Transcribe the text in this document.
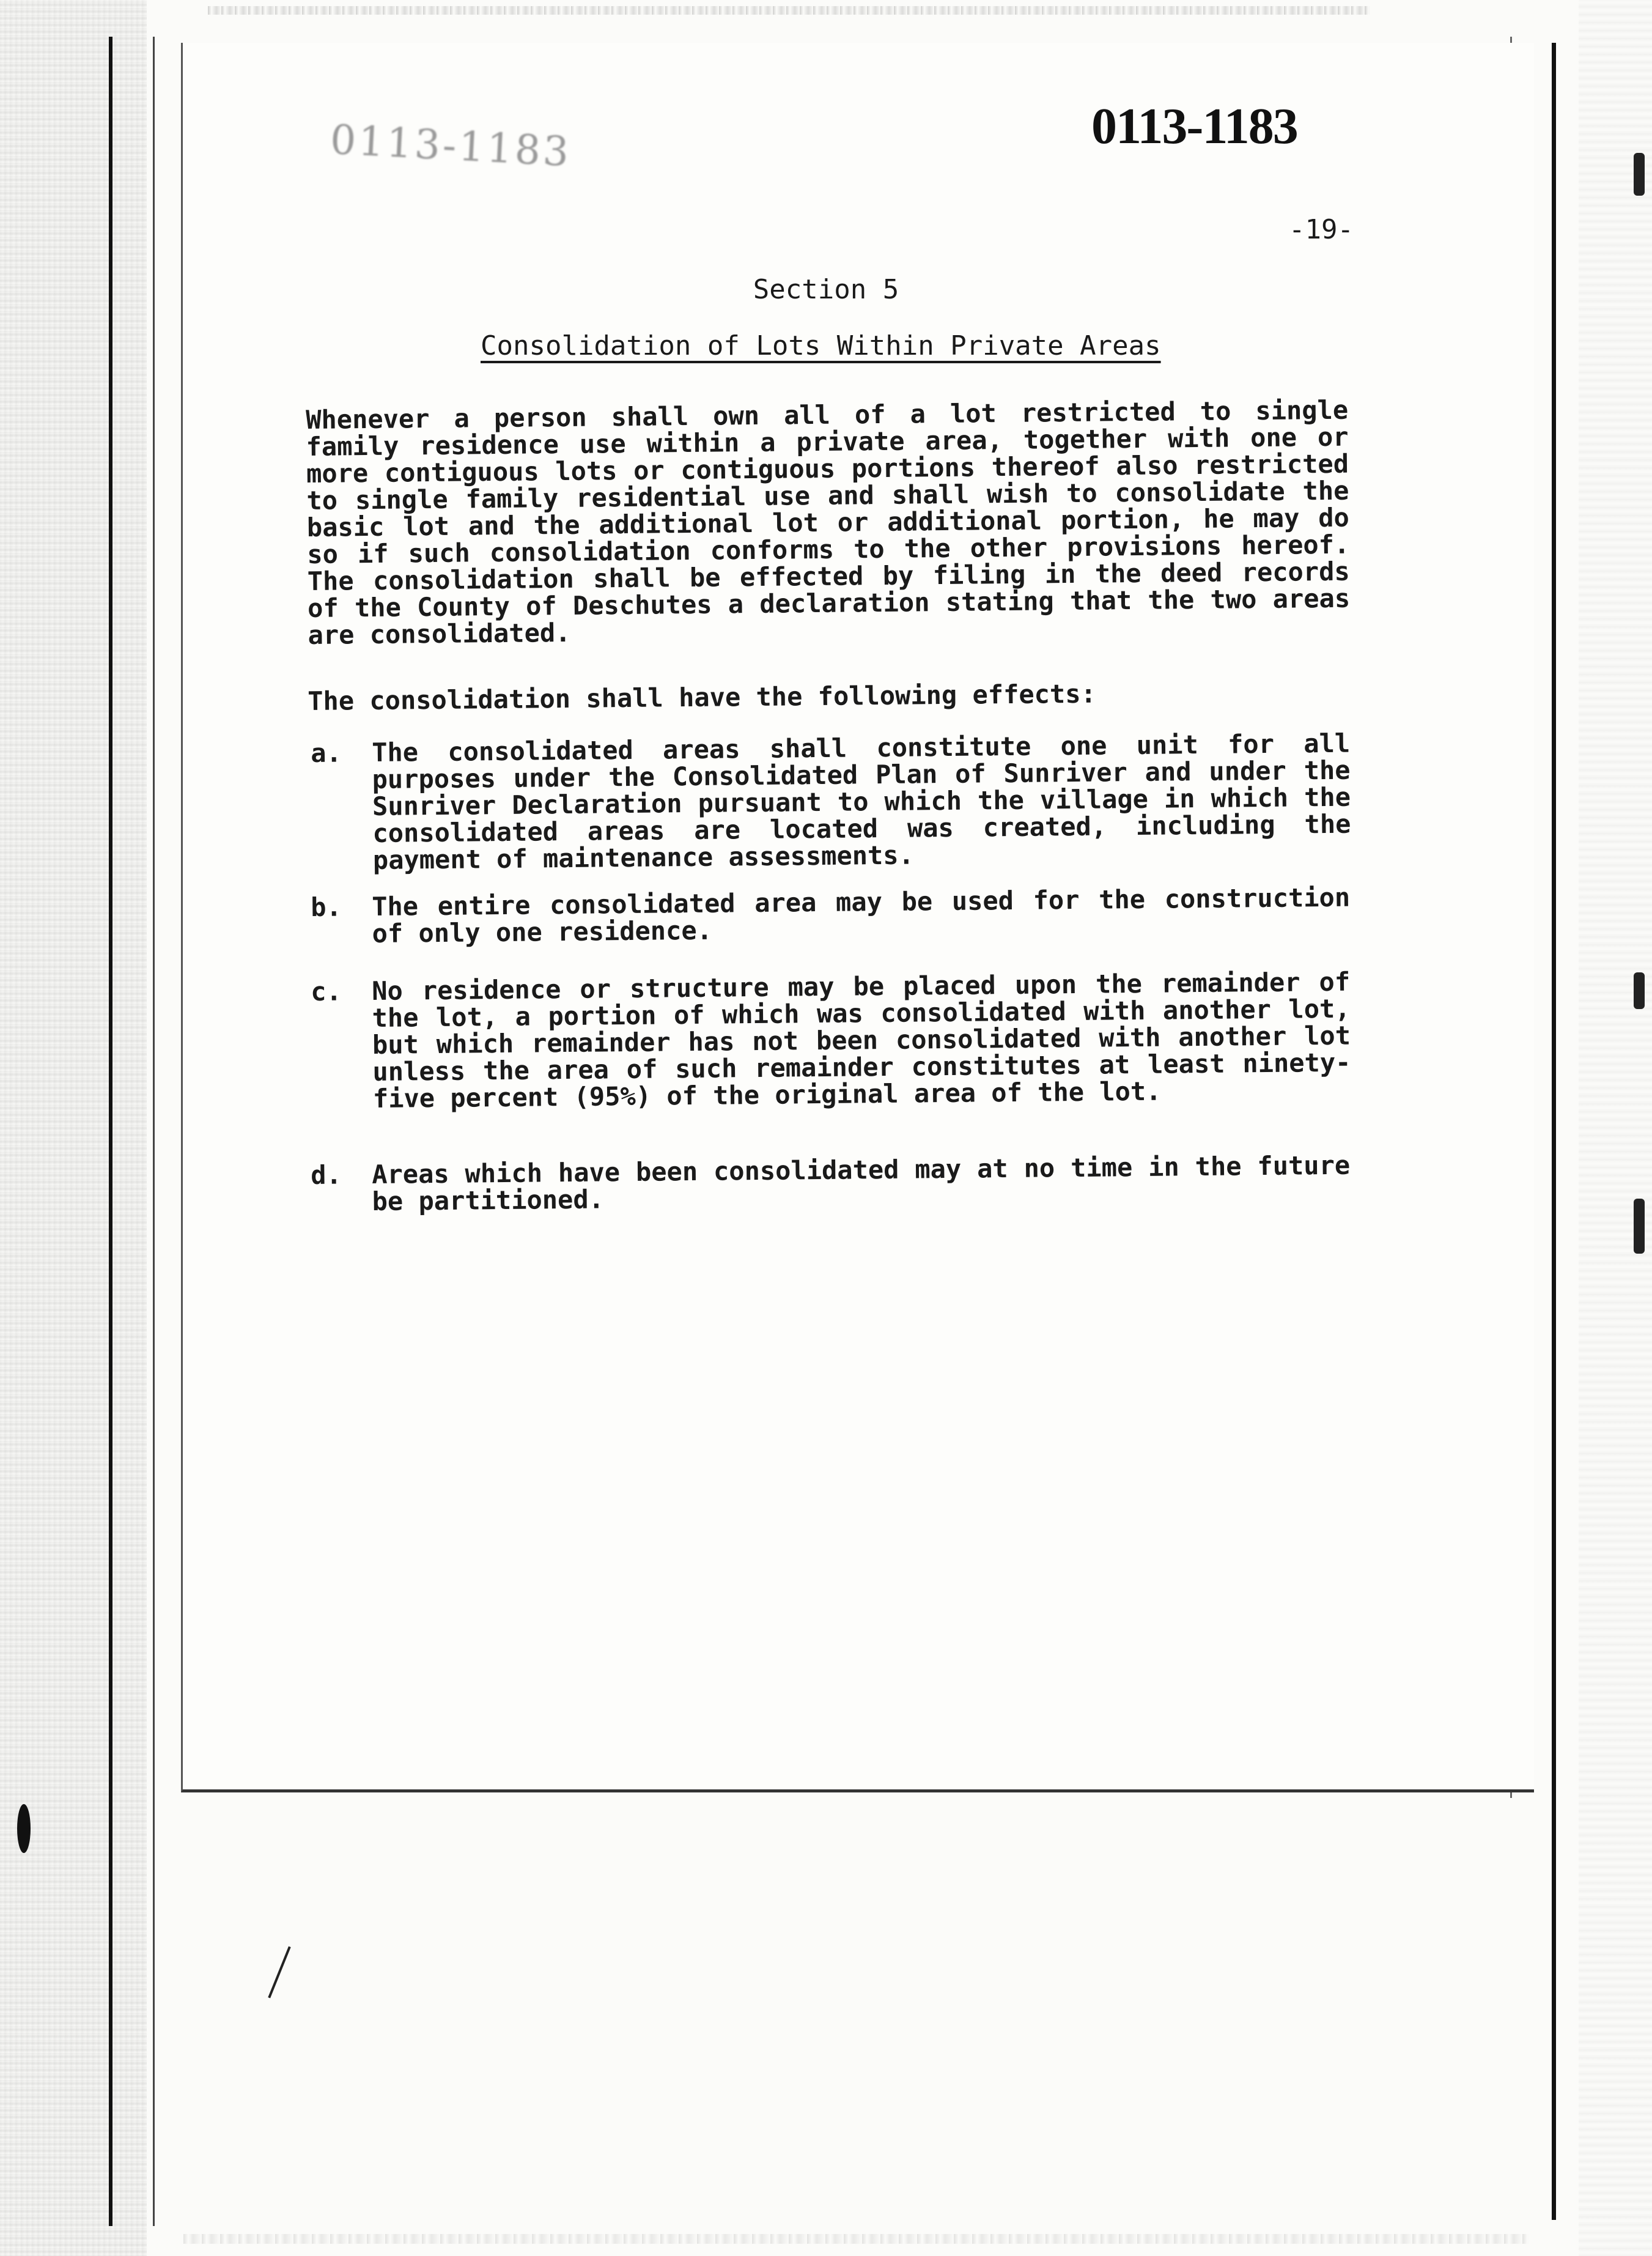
0113-1183	0113-1183
-19-
Section 5
Consolidation of Lots Within Private Areas
Whenever a person shall own all of a lot restricted to single family residence use within a private area, together with one or more contiguous lots or contiguous portions thereof also restricted to single family residential use and shall wish to consolidate the basic lot and the additional lot or additional portion, he may do so if such consolidation conforms to the other provisions hereof. The consolidation shall be effected by filing in the deed records of the County of Deschutes a declaration stating that the two areas are consolidated.
The consolidation shall have the following effects:
a.	The consolidated areas shall constitute one unit for all purposes under the Consolidated Plan of Sunriver and under the Sunriver Declaration pursuant to which the village in which the consolidated areas are located was created, including the payment of maintenance assessments.
b.	The entire consolidated area may be used for the construction of only one residence.
c.	No residence or structure may be placed upon the remainder of the lot, a portion of which was consolidated with another lot, but which remainder has not been consolidated with another lot unless the area of such remainder constitutes at least ninety-five percent (95%) of the original area of the lot.
d.	Areas which have been consolidated may at no time in the future be partitioned.
